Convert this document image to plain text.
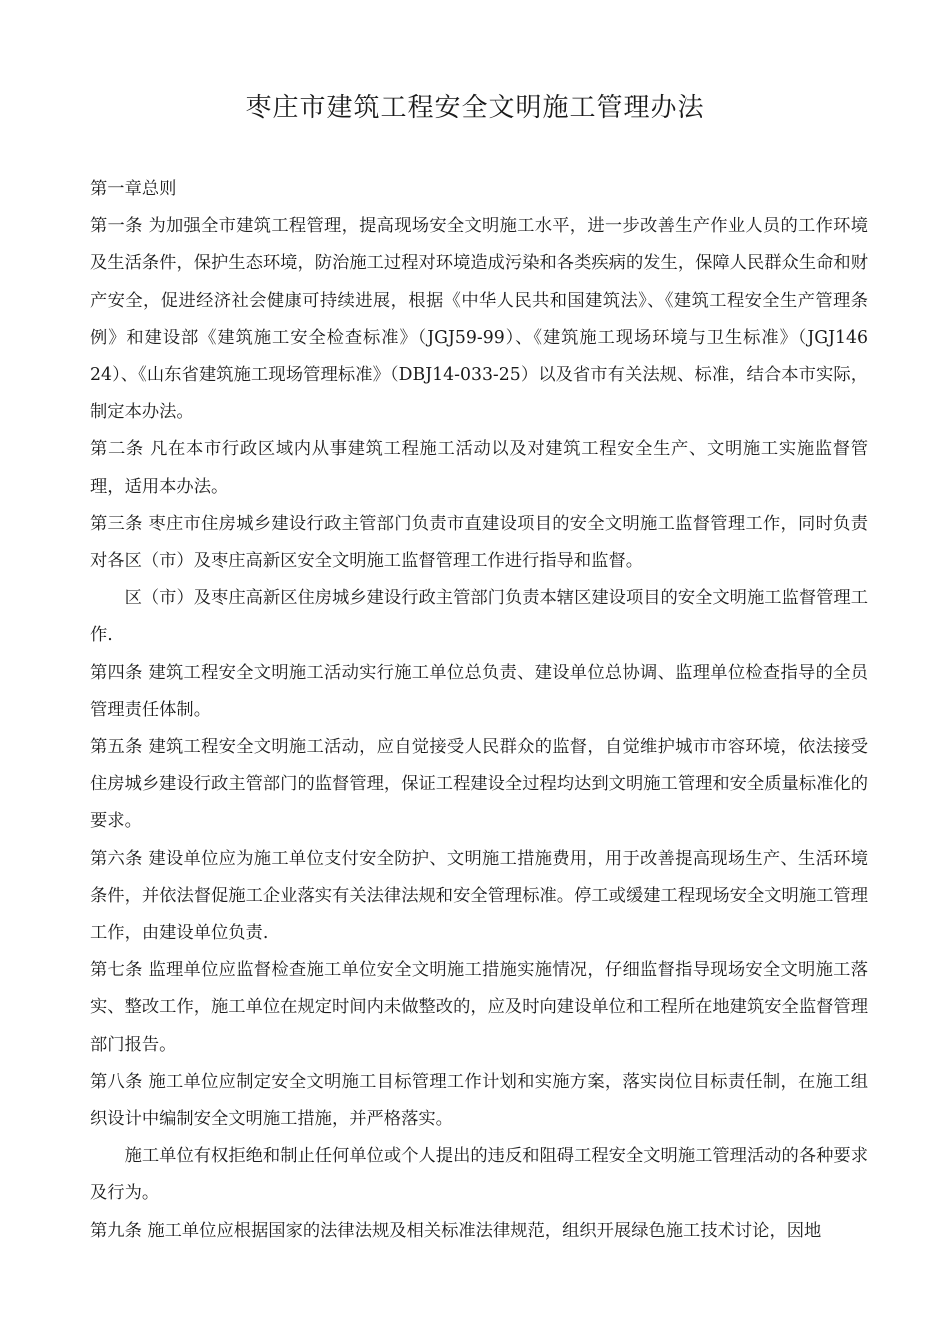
枣庄市建筑工程安全文明施工管理办法

第一章总则

第一条 为加强全市建筑工程管理，提高现场安全文明施工水平，进一步改善生产作业人员的工作环境及生活条件，保护生态环境，防治施工过程对环境造成污染和各类疾病的发生，保障人民群众生命和财产安全，促进经济社会健康可持续进展，根据《中华人民共和国建筑法》、《建筑工程安全生产管理条例》和建设部《建筑施工安全检查标准》（JGJ59-99）、《建筑施工现场环境与卫生标准》（JGJ146 24）、《山东省建筑施工现场管理标准》（DBJ14-033-25）以及省市有关法规、标准，结合本市实际，制定本办法。

第二条 凡在本市行政区域内从事建筑工程施工活动以及对建筑工程安全生产、文明施工实施监督管理，适用本办法。

第三条 枣庄市住房城乡建设行政主管部门负责市直建设项目的安全文明施工监督管理工作，同时负责对各区（市）及枣庄高新区安全文明施工监督管理工作进行指导和监督。

区（市）及枣庄高新区住房城乡建设行政主管部门负责本辖区建设项目的安全文明施工监督管理工作.

第四条 建筑工程安全文明施工活动实行施工单位总负责、建设单位总协调、监理单位检查指导的全员管理责任体制。

第五条 建筑工程安全文明施工活动，应自觉接受人民群众的监督，自觉维护城市市容环境，依法接受住房城乡建设行政主管部门的监督管理，保证工程建设全过程均达到文明施工管理和安全质量标准化的要求。

第六条 建设单位应为施工单位支付安全防护、文明施工措施费用，用于改善提高现场生产、生活环境条件，并依法督促施工企业落实有关法律法规和安全管理标准。停工或缓建工程现场安全文明施工管理工作，由建设单位负责.

第七条 监理单位应监督检查施工单位安全文明施工措施实施情况，仔细监督指导现场安全文明施工落实、整改工作，施工单位在规定时间内未做整改的，应及时向建设单位和工程所在地建筑安全监督管理部门报告。

第八条 施工单位应制定安全文明施工目标管理工作计划和实施方案，落实岗位目标责任制，在施工组织设计中编制安全文明施工措施，并严格落实。

施工单位有权拒绝和制止任何单位或个人提出的违反和阻碍工程安全文明施工管理活动的各种要求及行为。

第九条 施工单位应根据国家的法律法规及相关标准法律规范，组织开展绿色施工技术讨论，因地
